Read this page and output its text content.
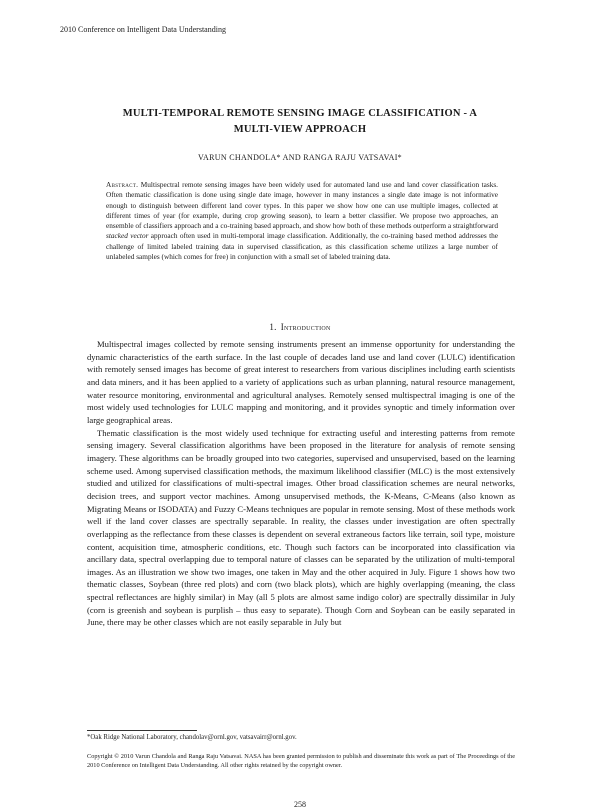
2010 Conference on Intelligent Data Understanding
MULTI-TEMPORAL REMOTE SENSING IMAGE CLASSIFICATION - A
MULTI-VIEW APPROACH
VARUN CHANDOLA* AND RANGA RAJU VATSAVAI*

Abstract. Multispectral remote sensing images have been widely used for automated land use and land cover classification tasks. Often thematic classification is done using single date image, however in many instances a single date image is not informative enough to distinguish between different land cover types. In this paper we show how one can use multiple images, collected at different times of year (for example, during crop growing season), to learn a better classifier. We propose two approaches, an ensemble of classifiers approach and a co-training based approach, and show how both of these methods outperform a straightforward stacked vector approach often used in multi-temporal image classification. Additionally, the co-training based method addresses the challenge of limited labeled training data in supervised classification, as this classification scheme utilizes a large number of unlabeled samples (which comes for free) in conjunction with a small set of labeled training data.

1. Introduction

Multispectral images collected by remote sensing instruments present an immense opportunity for understanding the dynamic characteristics of the earth surface. In the last couple of decades land use and land cover (LULC) identification with remotely sensed images has become of great interest to researchers from various disciplines including earth scientists and data miners, and it has been applied to a variety of applications such as urban planning, natural resource management, water resource monitoring, environmental and agricultural analyses. Remotely sensed multispectral imaging is one of the most widely used technologies for LULC mapping and monitoring, and it provides synoptic and timely information over large geographical areas.

Thematic classification is the most widely used technique for extracting useful and interesting patterns from remote sensing imagery. Several classification algorithms have been proposed in the literature for analysis of remote sensing imagery. These algorithms can be broadly grouped into two categories, supervised and unsupervised, based on the learning scheme used. Among supervised classification methods, the maximum likelihood classifier (MLC) is the most extensively studied and utilized for classifications of multi-spectral images. Other broad classification schemes are neural networks, decision trees, and support vector machines. Among unsupervised methods, the K-Means, C-Means (also known as Migrating Means or ISODATA) and Fuzzy C-Means techniques are popular in remote sensing. Most of these methods work well if the land cover classes are spectrally separable. In reality, the classes under investigation are often spectrally overlapping as the reflectance from these classes is dependent on several extraneous factors like terrain, soil type, moisture content, acquisition time, atmospheric conditions, etc. Though such factors can be incorporated into classification via ancillary data, spectral overlapping due to temporal nature of classes can be separated by the utilization of multi-temporal images. As an illustration we show two images, one taken in May and the other acquired in July. Figure 1 shows how two thematic classes, Soybean (three red plots) and corn (two black plots), which are highly overlapping (meaning, the class spectral reflectances are highly similar) in May (all 5 plots are almost same indigo color) are spectrally dissimilar in July (corn is greenish and soybean is purplish – thus easy to separate). Though Corn and Soybean can be easily separated in June, there may be other classes which are not easily separable in July but

*Oak Ridge National Laboratory, chandolav@ornl.gov, vatsavairr@ornl.gov.
Copyright © 2010 Varun Chandola and Ranga Raju Vatsavai. NASA has been granted permission to publish and disseminate this work as part of The Proceedings of the 2010 Conference on Intelligent Data Understanding. All other rights retained by the copyright owner.
258
